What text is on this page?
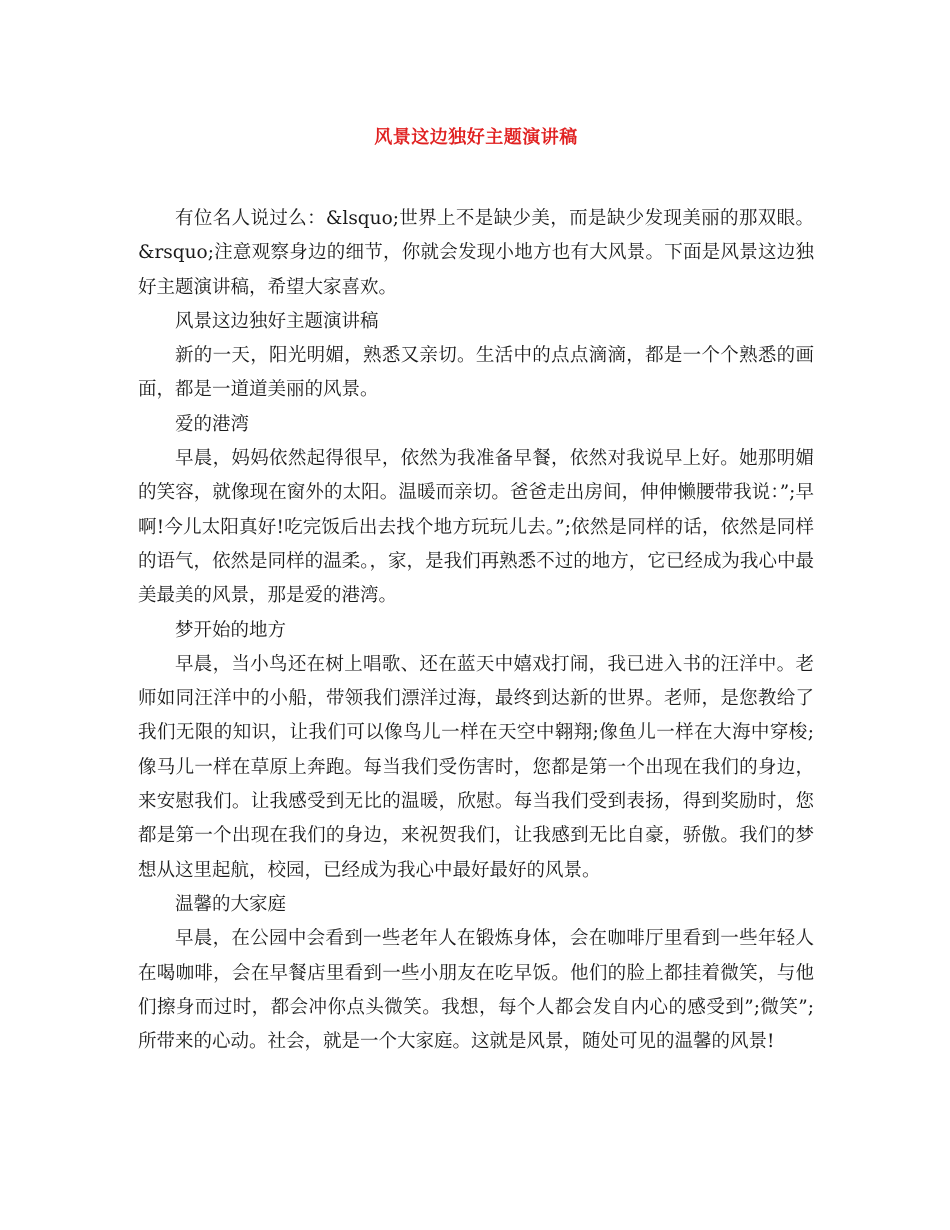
风景这边独好主题演讲稿

有位名人说过么：&lsquo;世界上不是缺少美，而是缺少发现美丽的那双眼。&rsquo;注意观察身边的细节，你就会发现小地方也有大风景。下面是风景这边独好主题演讲稿，希望大家喜欢。

风景这边独好主题演讲稿

新的一天，阳光明媚，熟悉又亲切。生活中的点点滴滴，都是一个个熟悉的画面，都是一道道美丽的风景。

爱的港湾

早晨，妈妈依然起得很早，依然为我准备早餐，依然对我说早上好。她那明媚的笑容，就像现在窗外的太阳。温暖而亲切。爸爸走出房间，伸伸懒腰带我说：”;早啊!今儿太阳真好!吃完饭后出去找个地方玩玩儿去。”;依然是同样的话，依然是同样的语气，依然是同样的温柔。，家，是我们再熟悉不过的地方，它已经成为我心中最美最美的风景，那是爱的港湾。

梦开始的地方

早晨，当小鸟还在树上唱歌、还在蓝天中嬉戏打闹，我已进入书的汪洋中。老师如同汪洋中的小船，带领我们漂洋过海，最终到达新的世界。老师，是您教给了我们无限的知识，让我们可以像鸟儿一样在天空中翱翔;像鱼儿一样在大海中穿梭;像马儿一样在草原上奔跑。每当我们受伤害时，您都是第一个出现在我们的身边，来安慰我们。让我感受到无比的温暖，欣慰。每当我们受到表扬，得到奖励时，您都是第一个出现在我们的身边，来祝贺我们，让我感到无比自豪，骄傲。我们的梦想从这里起航，校园，已经成为我心中最好最好的风景。

温馨的大家庭

早晨，在公园中会看到一些老年人在锻炼身体，会在咖啡厅里看到一些年轻人在喝咖啡，会在早餐店里看到一些小朋友在吃早饭。他们的脸上都挂着微笑，与他们擦身而过时，都会冲你点头微笑。我想，每个人都会发自内心的感受到”;微笑”;所带来的心动。社会，就是一个大家庭。这就是风景，随处可见的温馨的风景!
